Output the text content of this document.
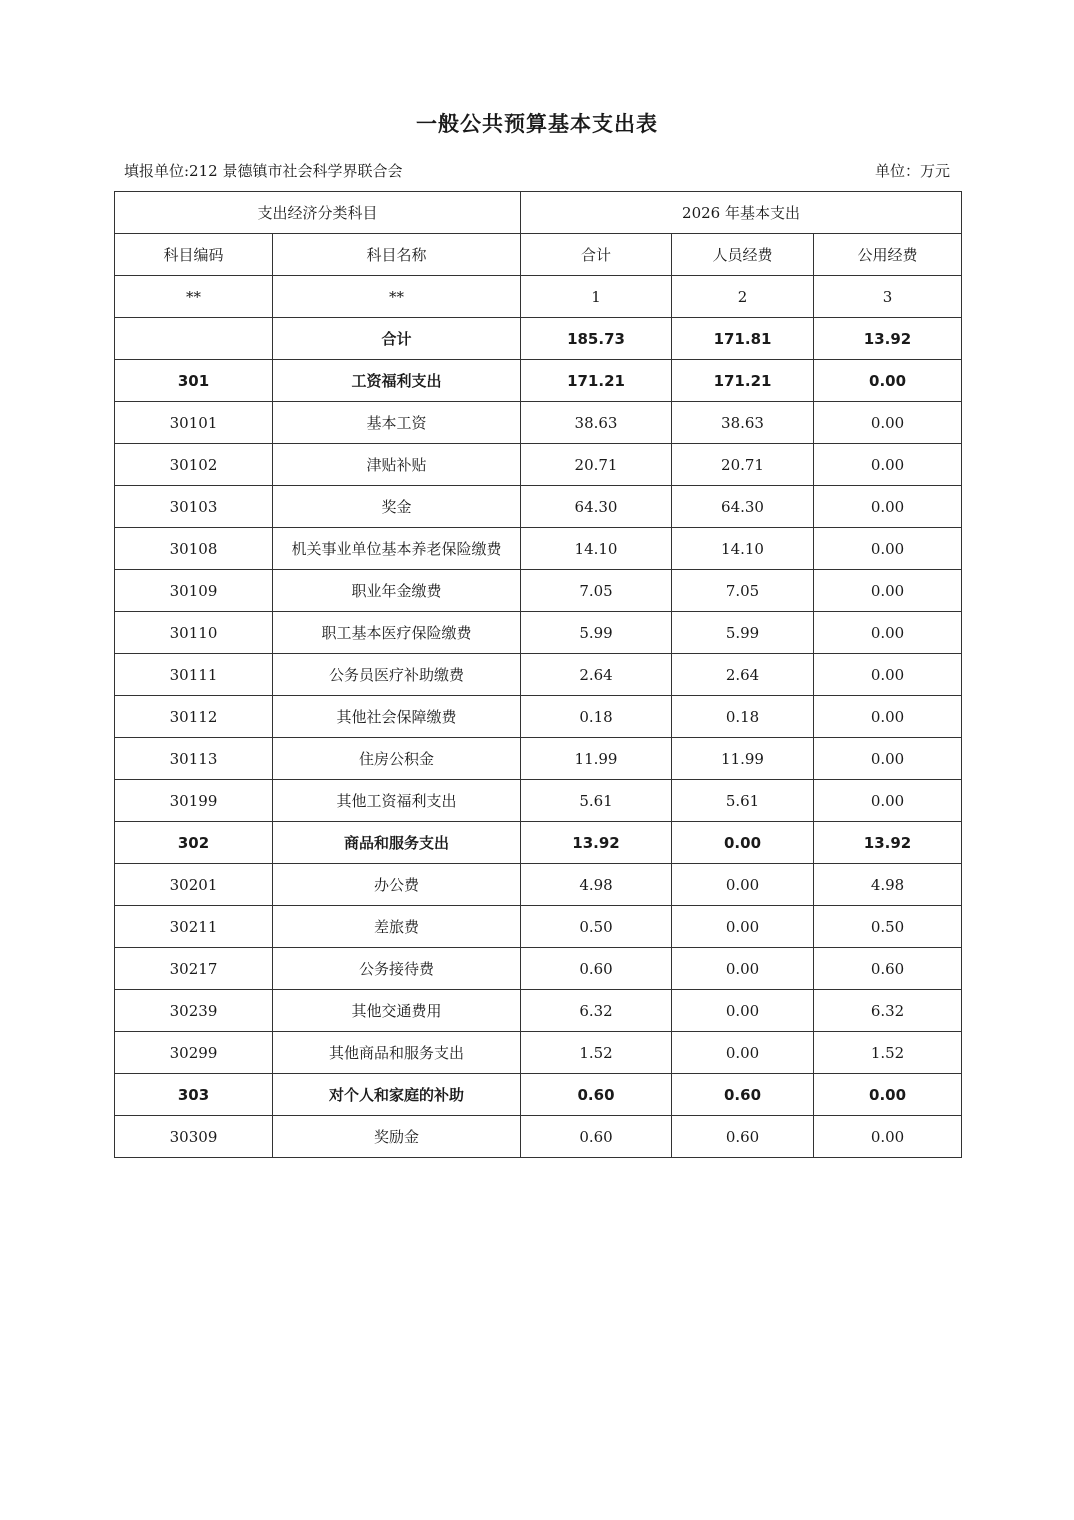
一般公共预算基本支出表
填报单位:212 景德镇市社会科学界联合会	单位：万元
支出经济分类科目		2026 年基本支出		
科目编码	科目名称	合计	人员经费	公用经费
**	**	1	2	3
	合计	185.73	171.81	13.92
301	工资福利支出	171.21	171.21	0.00
30101	基本工资	38.63	38.63	0.00
30102	津贴补贴	20.71	20.71	0.00
30103	奖金	64.30	64.30	0.00
30108	机关事业单位基本养老保险缴费	14.10	14.10	0.00
30109	职业年金缴费	7.05	7.05	0.00
30110	职工基本医疗保险缴费	5.99	5.99	0.00
30111	公务员医疗补助缴费	2.64	2.64	0.00
30112	其他社会保障缴费	0.18	0.18	0.00
30113	住房公积金	11.99	11.99	0.00
30199	其他工资福利支出	5.61	5.61	0.00
302	商品和服务支出	13.92	0.00	13.92
30201	办公费	4.98	0.00	4.98
30211	差旅费	0.50	0.00	0.50
30217	公务接待费	0.60	0.00	0.60
30239	其他交通费用	6.32	0.00	6.32
30299	其他商品和服务支出	1.52	0.00	1.52
303	对个人和家庭的补助	0.60	0.60	0.00
30309	奖励金	0.60	0.60	0.00
